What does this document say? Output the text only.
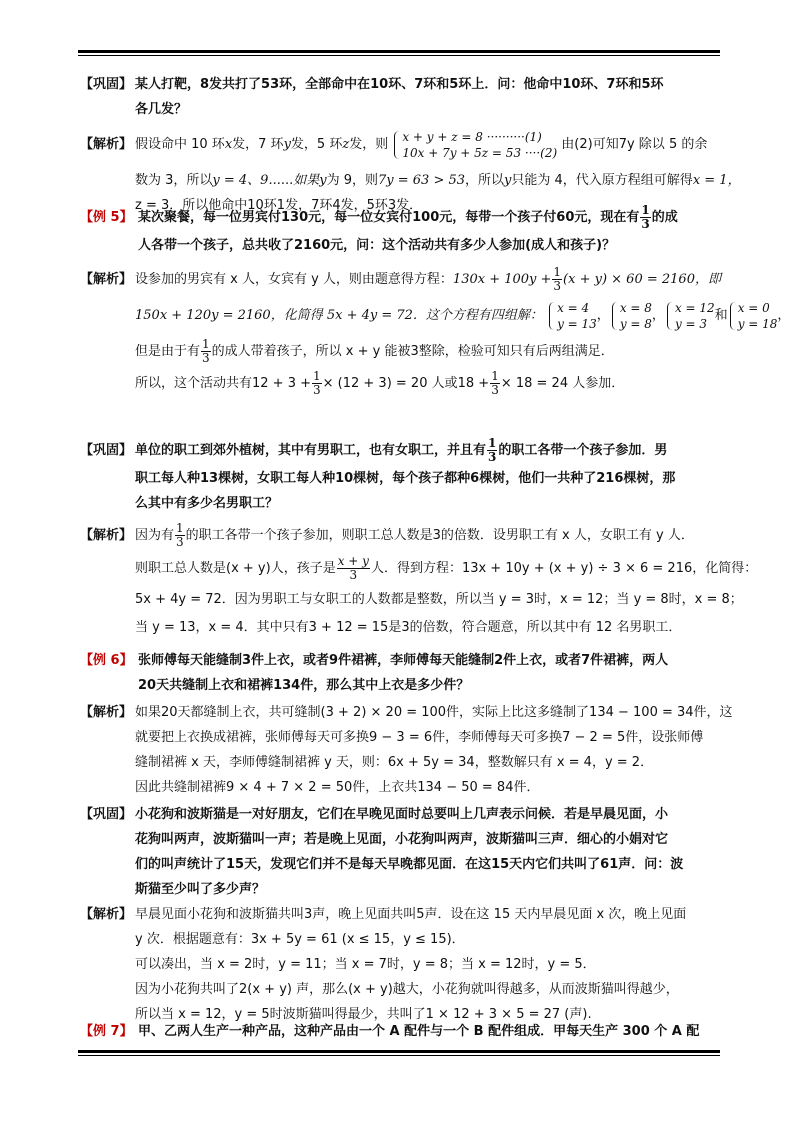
【巩固】 某人打靶，8发共打了53环，全部命中在10环、7环和5环上．问：他命中10环、7环和5环
各几发？
【解析】 假设命中 10 环x发，7 环y发，5 环z发，则
x + y + z = 8 ··········(1)
10x + 7y + 5z = 53 ····(2)
由(2)可知7y 除以 5 的余
数为 3，所以y = 4、9......如果y为 9，则7y = 63 > 53，所以y只能为 4，代入原方程组可解得x = 1，
z = 3．所以他命中10环1发，7环4发，5环3发．
【例 5】 某次聚餐，每一位男宾付130元，每一位女宾付100元，每带一个孩子付60元，现在有 $\frac{1}{3}$ 的成
人各带一个孩子，总共收了2160元，问：这个活动共有多少人参加(成人和孩子)？
【解析】 设参加的男宾有 x 人，女宾有 y 人，则由题意得方程：$130x + 100y + \frac{1}{3} (x + y) \times 60 = 2160$，即
150x + 120y = 2160，化简得 5x + 4y = 72．这个方程有四组解：
x = 4
y = 13
，
x = 8
y = 8
，
x = 12
y = 3
和
x = 0
y = 18
，
但是由于有 $\frac{1}{3}$ 的成人带着孩子，所以 x + y 能被3整除，检验可知只有后两组满足．
所以，这个活动共有$12 + 3 + \frac{1}{3} \times (12 + 3) = 20$ 人或$18 + \frac{1}{3} \times 18 = 24$ 人参加．
【巩固】 单位的职工到郊外植树，其中有男职工，也有女职工，并且有 $\frac{1}{3}$ 的职工各带一个孩子参加．男
职工每人种13棵树，女职工每人种10棵树，每个孩子都种6棵树，他们一共种了216棵树，那
么其中有多少名男职工？
【解析】 因为有 $\frac{1}{3}$ 的职工各带一个孩子参加，则职工总人数是3的倍数．设男职工有 x 人，女职工有 y 人．
则职工总人数是(x + y)人，孩子是 $\frac{x + y}{3}$ 人．得到方程：13x + 10y + (x + y) ÷ 3 × 6 = 216，化简得：
5x + 4y = 72．因为男职工与女职工的人数都是整数，所以当 y = 3时，x = 12；当 y = 8时，x = 8；
当 y = 13，x = 4．其中只有3 + 12 = 15是3的倍数，符合题意，所以其中有 12 名男职工．
【例 6】 张师傅每天能缝制3件上衣，或者9件裙裤，李师傅每天能缝制2件上衣，或者7件裙裤，两人
20天共缝制上衣和裙裤134件，那么其中上衣是多少件？
【解析】 如果20天都缝制上衣，共可缝制(3 + 2) × 20 = 100件，实际上比这多缝制了134 − 100 = 34件，这
就要把上衣换成裙裤，张师傅每天可多换9 − 3 = 6件，李师傅每天可多换7 − 2 = 5件，设张师傅
缝制裙裤 x 天，李师傅缝制裙裤 y 天，则：6x + 5y = 34，整数解只有 x = 4，y = 2．
因此共缝制裙裤9 × 4 + 7 × 2 = 50件，上衣共134 − 50 = 84件．
【巩固】 小花狗和波斯猫是一对好朋友，它们在早晚见面时总要叫上几声表示问候．若是早晨见面，小
花狗叫两声，波斯猫叫一声；若是晚上见面，小花狗叫两声，波斯猫叫三声．细心的小娟对它
们的叫声统计了15天，发现它们并不是每天早晚都见面．在这15天内它们共叫了61声．问：波
斯猫至少叫了多少声？
【解析】 早晨见面小花狗和波斯猫共叫3声，晚上见面共叫5声．设在这 15 天内早晨见面 x 次，晚上见面
y 次．根据题意有：3x + 5y = 61 (x ≤ 15，y ≤ 15)．
可以凑出，当 x = 2时，y = 11；当 x = 7时，y = 8；当 x = 12时，y = 5．
因为小花狗共叫了2(x + y) 声，那么(x + y)越大，小花狗就叫得越多，从而波斯猫叫得越少，
所以当 x = 12，y = 5时波斯猫叫得最少，共叫了1 × 12 + 3 × 5 = 27 (声).
【例 7】 甲、乙两人生产一种产品，这种产品由一个 A 配件与一个 B 配件组成．甲每天生产 300 个 A 配
